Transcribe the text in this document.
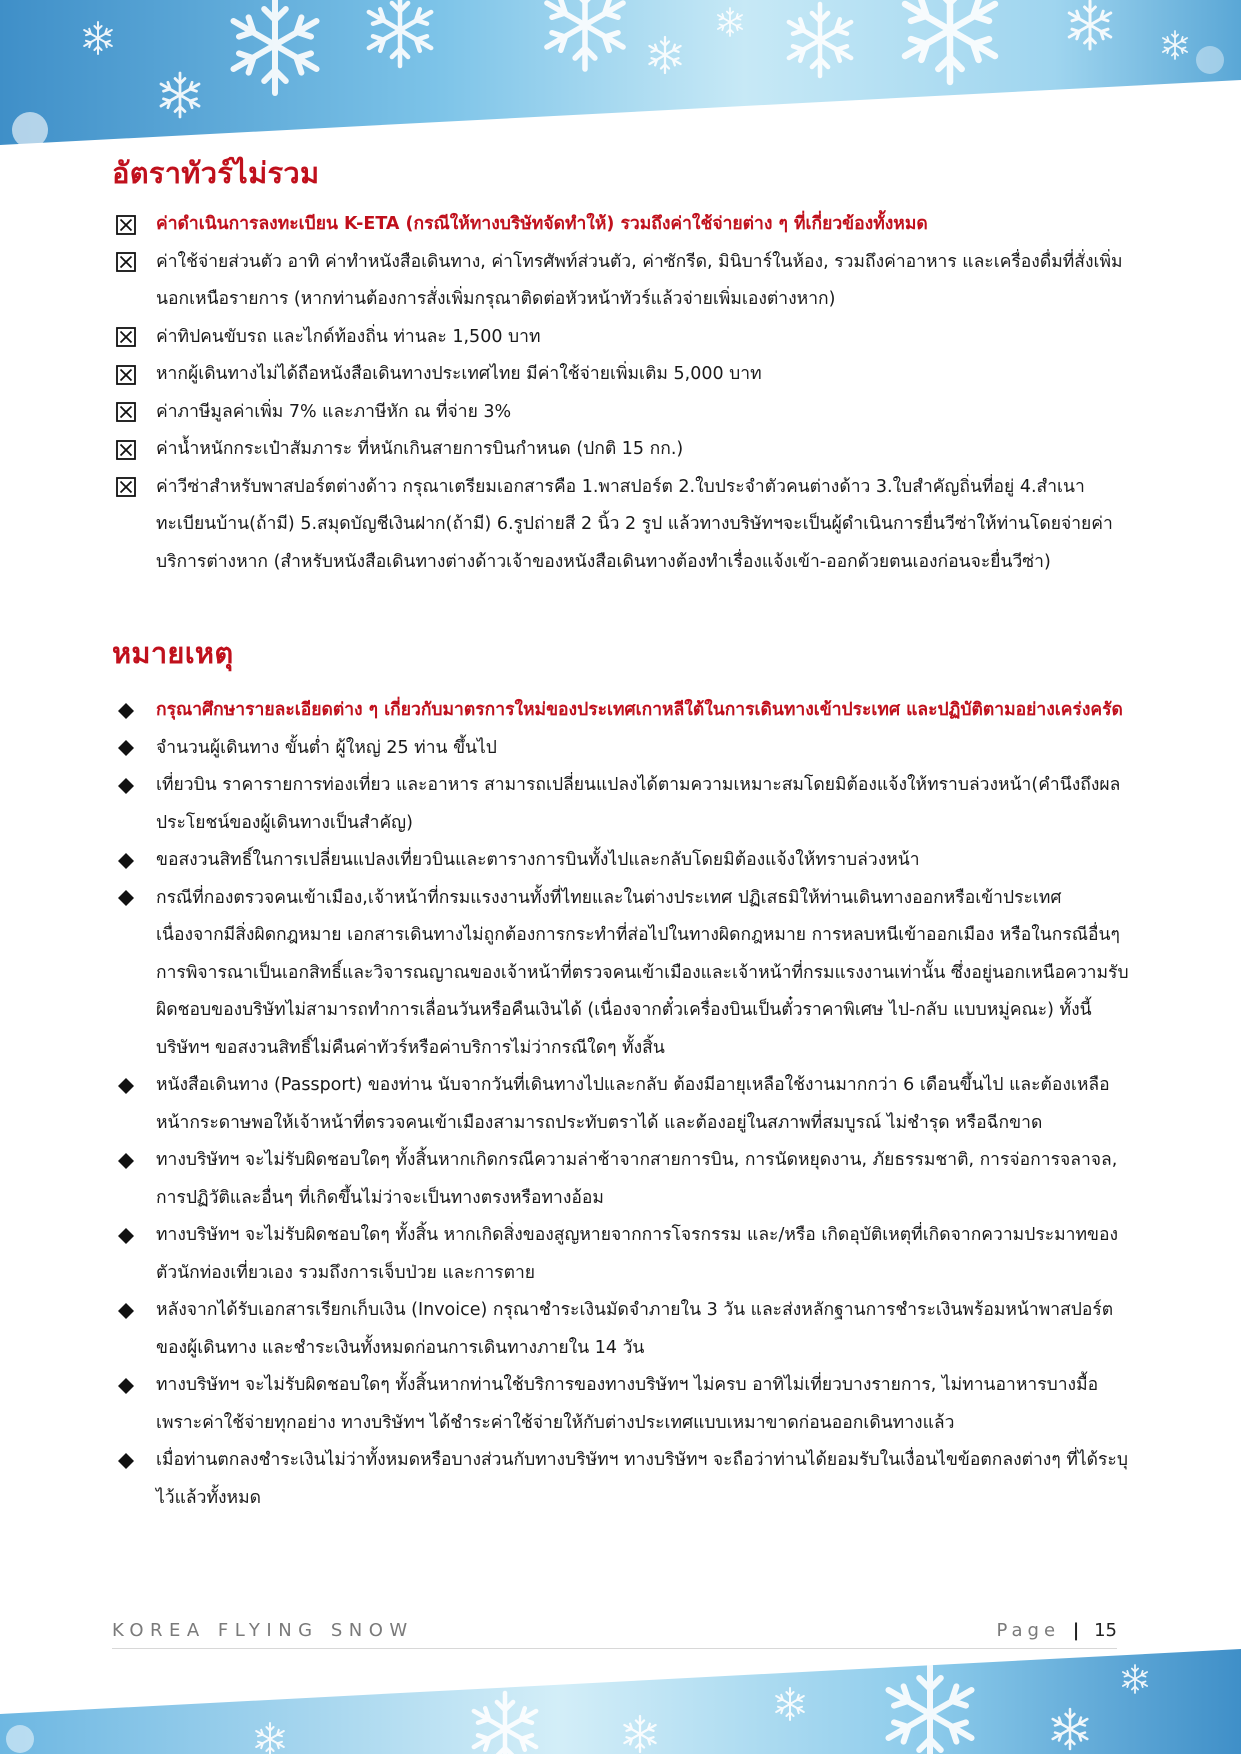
อัตราทัวร์ไม่รวม
ค่าดำเนินการลงทะเบียน K-ETA (กรณีให้ทางบริษัทจัดทำให้) รวมถึงค่าใช้จ่ายต่าง ๆ ที่เกี่ยวข้องทั้งหมด
ค่าใช้จ่ายส่วนตัว อาทิ ค่าทำหนังสือเดินทาง, ค่าโทรศัพท์ส่วนตัว, ค่าซักรีด, มินิบาร์ในห้อง, รวมถึงค่าอาหาร และเครื่องดื่มที่สั่งเพิ่มนอกเหนือรายการ (หากท่านต้องการสั่งเพิ่มกรุณาติดต่อหัวหน้าทัวร์แล้วจ่ายเพิ่มเองต่างหาก)
ค่าทิปคนขับรถ และไกด์ท้องถิ่น ท่านละ 1,500 บาท
หากผู้เดินทางไม่ได้ถือหนังสือเดินทางประเทศไทย มีค่าใช้จ่ายเพิ่มเติม 5,000 บาท
ค่าภาษีมูลค่าเพิ่ม 7% และภาษีหัก ณ ที่จ่าย 3%
ค่าน้ำหนักกระเป๋าสัมภาระ ที่หนักเกินสายการบินกำหนด (ปกติ 15 กก.)
ค่าวีซ่าสำหรับพาสปอร์ตต่างด้าว กรุณาเตรียมเอกสารคือ 1.พาสปอร์ต 2.ใบประจำตัวคนต่างด้าว 3.ใบสำคัญถิ่นที่อยู่ 4.สำเนาทะเบียนบ้าน(ถ้ามี) 5.สมุดบัญชีเงินฝาก(ถ้ามี) 6.รูปถ่ายสี 2 นิ้ว 2 รูป แล้วทางบริษัทฯจะเป็นผู้ดำเนินการยื่นวีซ่าให้ท่านโดยจ่ายค่าบริการต่างหาก (สำหรับหนังสือเดินทางต่างด้าวเจ้าของหนังสือเดินทางต้องทำเรื่องแจ้งเข้า-ออกด้วยตนเองก่อนจะยื่นวีซ่า)
หมายเหตุ
กรุณาศึกษารายละเอียดต่าง ๆ เกี่ยวกับมาตรการใหม่ของประเทศเกาหลีใต้ในการเดินทางเข้าประเทศ และปฏิบัติตามอย่างเคร่งครัด
จำนวนผู้เดินทาง ขั้นต่ำ ผู้ใหญ่ 25 ท่าน ขึ้นไป
เที่ยวบิน ราคารายการท่องเที่ยว และอาหาร สามารถเปลี่ยนแปลงได้ตามความเหมาะสมโดยมิต้องแจ้งให้ทราบล่วงหน้า(คำนึงถึงผลประโยชน์ของผู้เดินทางเป็นสำคัญ)
ขอสงวนสิทธิ์ในการเปลี่ยนแปลงเที่ยวบินและตารางการบินทั้งไปและกลับโดยมิต้องแจ้งให้ทราบล่วงหน้า
กรณีที่กองตรวจคนเข้าเมือง,เจ้าหน้าที่กรมแรงงานทั้งที่ไทยและในต่างประเทศ ปฏิเสธมิให้ท่านเดินทางออกหรือเข้าประเทศ เนื่องจากมีสิ่งผิดกฎหมาย เอกสารเดินทางไม่ถูกต้องการกระทำที่ส่อไปในทางผิดกฎหมาย การหลบหนีเข้าออกเมือง หรือในกรณีอื่นๆการพิจารณาเป็นเอกสิทธิ์และวิจารณญาณของเจ้าหน้าที่ตรวจคนเข้าเมืองและเจ้าหน้าที่กรมแรงงานเท่านั้น ซึ่งอยู่นอกเหนือความรับผิดชอบของบริษัทไม่สามารถทำการเลื่อนวันหรือคืนเงินได้ (เนื่องจากตั๋วเครื่องบินเป็นตั๋วราคาพิเศษ ไป-กลับ แบบหมู่คณะ) ทั้งนี้บริษัทฯ ขอสงวนสิทธิ์ไม่คืนค่าทัวร์หรือค่าบริการไม่ว่ากรณีใดๆ ทั้งสิ้น
หนังสือเดินทาง (Passport) ของท่าน นับจากวันที่เดินทางไปและกลับ ต้องมีอายุเหลือใช้งานมากกว่า 6 เดือนขึ้นไป และต้องเหลือหน้ากระดาษพอให้เจ้าหน้าที่ตรวจคนเข้าเมืองสามารถประทับตราได้ และต้องอยู่ในสภาพที่สมบูรณ์ ไม่ชำรุด หรือฉีกขาด
ทางบริษัทฯ จะไม่รับผิดชอบใดๆ ทั้งสิ้นหากเกิดกรณีความล่าช้าจากสายการบิน, การนัดหยุดงาน, ภัยธรรมชาติ, การจ่อการจลาจล, การปฏิวัติและอื่นๆ ที่เกิดขึ้นไม่ว่าจะเป็นทางตรงหรือทางอ้อม
ทางบริษัทฯ จะไม่รับผิดชอบใดๆ ทั้งสิ้น หากเกิดสิ่งของสูญหายจากการโจรกรรม และ/หรือ เกิดอุบัติเหตุที่เกิดจากความประมาทของตัวนักท่องเที่ยวเอง รวมถึงการเจ็บป่วย และการตาย
หลังจากได้รับเอกสารเรียกเก็บเงิน (Invoice) กรุณาชำระเงินมัดจำภายใน 3 วัน และส่งหลักฐานการชำระเงินพร้อมหน้าพาสปอร์ตของผู้เดินทาง และชำระเงินทั้งหมดก่อนการเดินทางภายใน 14 วัน
ทางบริษัทฯ จะไม่รับผิดชอบใดๆ ทั้งสิ้นหากท่านใช้บริการของทางบริษัทฯ ไม่ครบ อาทิไม่เที่ยวบางรายการ, ไม่ทานอาหารบางมื้อเพราะค่าใช้จ่ายทุกอย่าง ทางบริษัทฯ ได้ชำระค่าใช้จ่ายให้กับต่างประเทศแบบเหมาขาดก่อนออกเดินทางแล้ว
เมื่อท่านตกลงชำระเงินไม่ว่าทั้งหมดหรือบางส่วนกับทางบริษัทฯ ทางบริษัทฯ จะถือว่าท่านได้ยอมรับในเงื่อนไขข้อตกลงต่างๆ ที่ได้ระบุไว้แล้วทั้งหมด
KOREA FLYING SNOW	Page | 15
